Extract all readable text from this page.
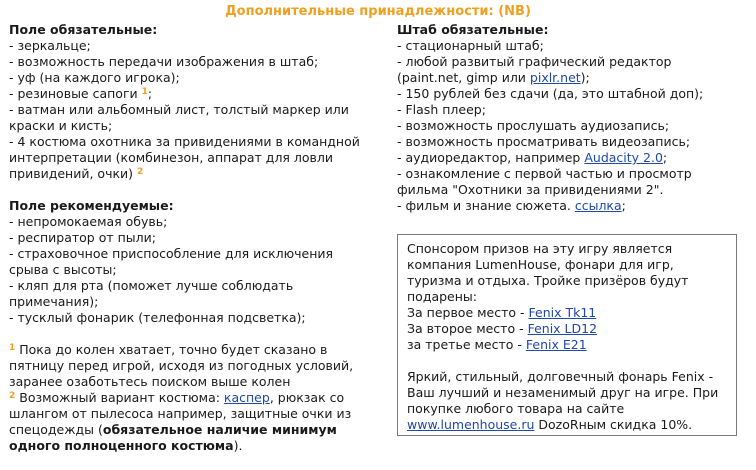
Дополнительные принадлежности: (NB)
Поле обязательные:
- зеркальце;
- возможность передачи изображения в штаб;
- уф (на каждого игрока);
- резиновые сапоги $^1$;
- ватман или альбомный лист, толстый маркер или
краски и кисть;
- 4 костюма охотника за привидениями в командной
интерпретации (комбинезон, аппарат для ловли
привидений, очки) $^2$
Поле рекомендуемые:
- непромокаемая обувь;
- респиратор от пыли;
- страховочное приспособление для исключения
срыва с высоты;
- кляп для рта (поможет лучше соблюдать
примечания);
- тусклый фонарик (телефонная подсветка);
$^1$ Пока до колен хватает, точно будет сказано в
пятницу перед игрой, исходя из погодных условий,
заранее озаботьтесь поиском выше колен
$^2$ Возможный вариант костюма: каспер, рюкзак со
шлангом от пылесоса например, защитные очки из
спецодежды (обязательное наличие минимум
одного полноценного костюма).
Штаб обязательные:
- стационарный штаб;
- любой развитый графический редактор
(paint.net, gimp или pixlr.net);
- 150 рублей без сдачи (да, это штабной доп);
- Flash плеер;
- возможность прослушать аудиозапись;
- возможность просматривать видеозапись;
- аудиоредактор, например Audacity 2.0;
- ознакомление с первой частью и просмотр
фильма "Охотники за привидениями 2".
- фильм и знание сюжета. ссылка;
Спонсором призов на эту игру является
компания LumenHouse, фонари для игр,
туризма и отдыха. Тройке призёров будут
подарены:
За первое место - Fenix Tk11
За второе место - Fenix LD12
за третье место - Fenix E21
Яркий, стильный, долговечный фонарь Fenix -
Ваш лучший и незаменимый друг на игре. При
покупке любого товара на сайте
www.lumenhouse.ru DozoRным скидка 10%.
